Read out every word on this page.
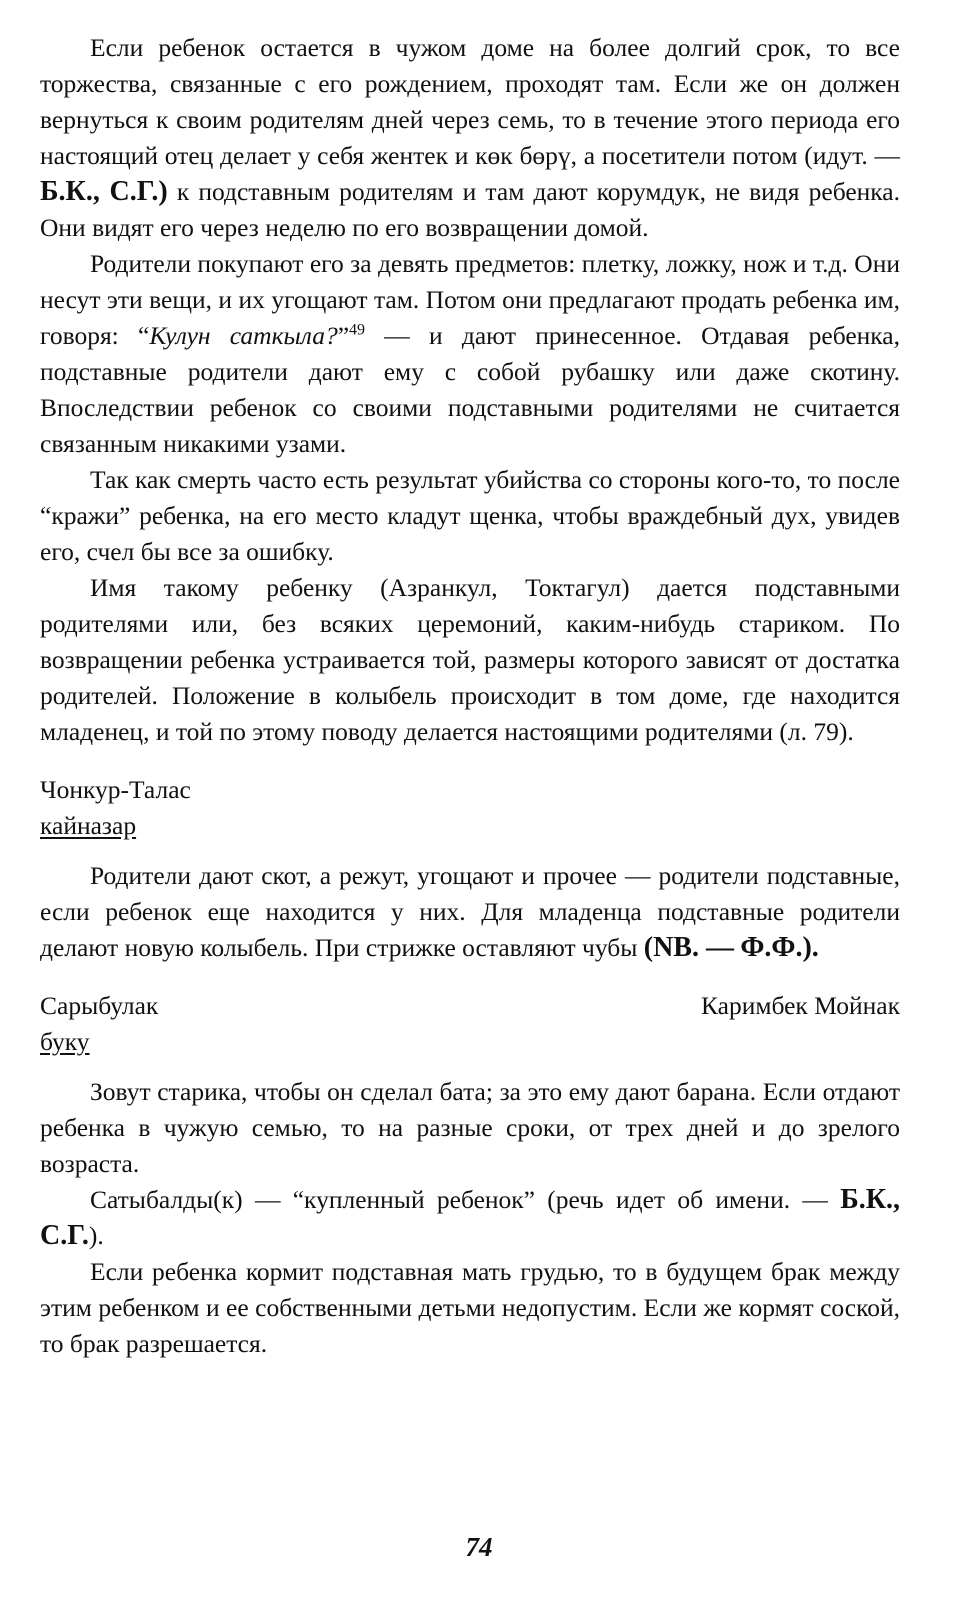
Если ребенок остается в чужом доме на более долгий срок, то все торжества, связанные с его рождением, проходят там. Если же он должен вернуться к своим родителям дней через семь, то в течение этого периода его настоящий отец делает у себя жентек и көк бөрү, а посетители потом (идут. — Б.К., С.Г.) к подставным родителям и там дают корумдук, не видя ребенка. Они видят его через неделю по его возвращении домой.

Родители покупают его за девять предметов: плетку, ложку, нож и т.д. Они несут эти вещи, и их угощают там. Потом они предлагают продать ребенка им, говоря: “Кулун саткыла?”$^{49}$ — и дают принесенное. Отдавая ребенка, подставные родители дают ему с собой рубашку или даже скотину. Впоследствии ребенок со своими подставными родителями не считается связанным никакими узами.

Так как смерть часто есть результат убийства со стороны кого-то, то после “кражи” ребенка, на его место кладут щенка, чтобы враждебный дух, увидев его, счел бы все за ошибку.

Имя такому ребенку (Азранкул, Токтагул) дается подставными родителями или, без всяких церемоний, каким-нибудь стариком. По возвращении ребенка устраивается той, размеры которого зависят от достатка родителей. Положение в колыбель происходит в том доме, где находится младенец, и той по этому поводу делается настоящими родителями (л. 79).

Чонкур-Талас
кайназар

Родители дают скот, а режут, угощают и прочее — родители подставные, если ребенок еще находится у них. Для младенца подставные родители делают новую колыбель. При стрижке оставляют чубы (NB. — Ф.Ф.).

Сарыбулак	Каримбек Мойнак
буку

Зовут старика, чтобы он сделал бата; за это ему дают барана. Если отдают ребенка в чужую семью, то на разные сроки, от трех дней и до зрелого возраста.

Сатыбалды(к) — “купленный ребенок” (речь идет об имени. — Б.К., С.Г.).

Если ребенка кормит подставная мать грудью, то в будущем брак между этим ребенком и ее собственными детьми недопустим. Если же кормят соской, то брак разрешается.

74
